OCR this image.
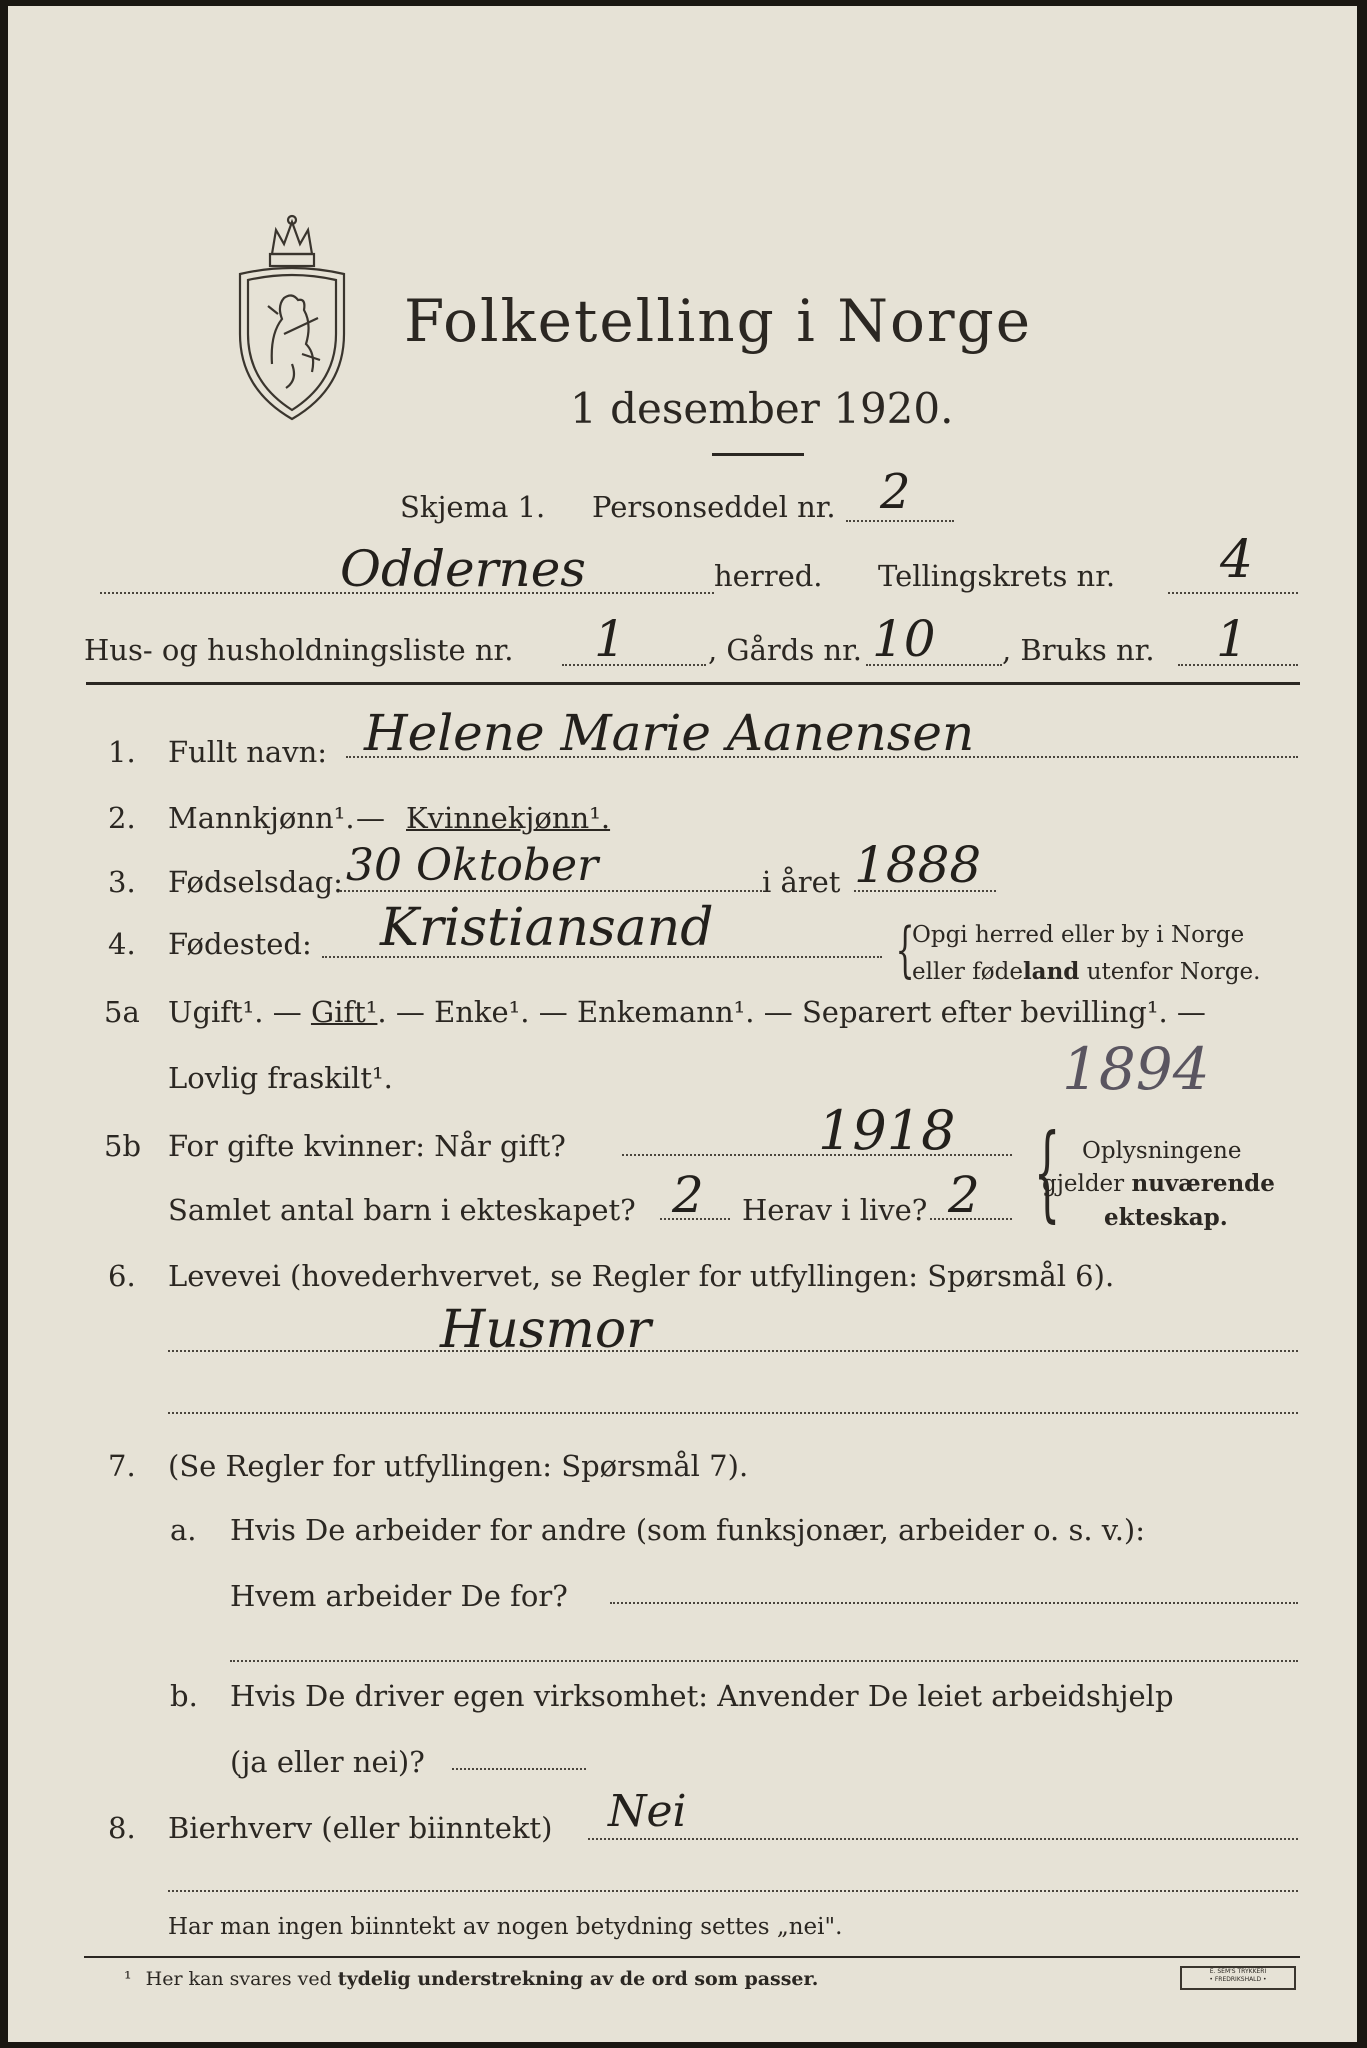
Folketelling i Norge
1 desember 1920.
Skjema 1. Personseddel nr. 2
Oddernes	herred. Tellingskrets nr. 4
Hus- og husholdningsliste nr. 1	, Gårds nr. 10 , Bruks nr. 1
1. Fullt navn: Helene Marie Aanensen
2. Mannkjønn¹. — Kvinnekjønn¹.
3. Fødselsdag: 30 Oktober	i året 1888
4. Fødested: Kristiansand	{
Opgi herred eller by i Norge
eller fødeland utenfor Norge.
5a Ugift¹. — Gift¹. — Enke¹. — Enkemann¹. — Separert efter bevilling¹. —
Lovlig fraskilt¹.	1894
5b For gifte kvinner: Når gift?	1918
Samlet antal barn i ekteskapet? 2 Herav i live? 2 { Oplysningene
gjelder nuværende
ekteskap.
6. Levevei (hovederhvervet, se Regler for utfyllingen: Spørsmål 6).
Husmor
7. (Se Regler for utfyllingen: Spørsmål 7).
a. Hvis De arbeider for andre (som funksjonær, arbeider o. s. v.):
Hvem arbeider De for?
b. Hvis De driver egen virksomhet: Anvender De leiet arbeidshjelp
(ja eller nei)?
8. Bierhverv (eller biinntekt) Nei
Har man ingen biinntekt av nogen betydning settes „nei".
¹ Her kan svares ved tydelig understrekning av de ord som passer.	E. SEM'S TRYKKERI
• FREDRIKSHALD •
